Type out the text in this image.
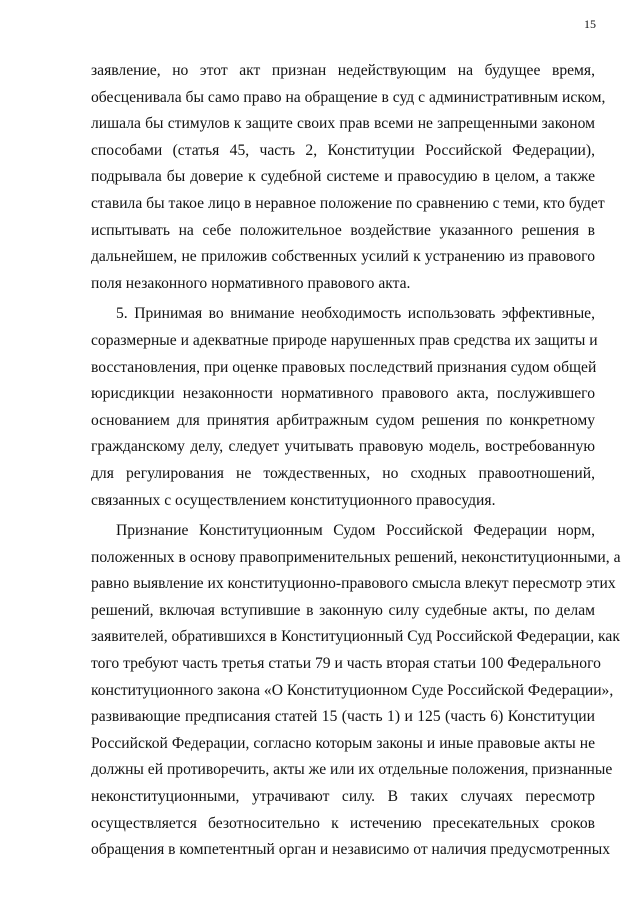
15
заявление, но этот акт признан недействующим на будущее время,
обесценивала бы само право на обращение в суд с административным иском,
лишала бы стимулов к защите своих прав всеми не запрещенными законом
способами (статья 45, часть 2, Конституции Российской Федерации),
подрывала бы доверие к судебной системе и правосудию в целом, а также
ставила бы такое лицо в неравное положение по сравнению с теми, кто будет
испытывать на себе положительное воздействие указанного решения в
дальнейшем, не приложив собственных усилий к устранению из правового
поля незаконного нормативного правового акта.
5. Принимая во внимание необходимость использовать эффективные,
соразмерные и адекватные природе нарушенных прав средства их защиты и
восстановления, при оценке правовых последствий признания судом общей
юрисдикции незаконности нормативного правового акта, послужившего
основанием для принятия арбитражным судом решения по конкретному
гражданскому делу, следует учитывать правовую модель, востребованную
для регулирования не тождественных, но сходных правоотношений,
связанных с осуществлением конституционного правосудия.
Признание Конституционным Судом Российской Федерации норм,
положенных в основу правоприменительных решений, неконституционными, а
равно выявление их конституционно-правового смысла влекут пересмотр этих
решений, включая вступившие в законную силу судебные акты, по делам
заявителей, обратившихся в Конституционный Суд Российской Федерации, как
того требуют часть третья статьи 79 и часть вторая статьи 100 Федерального
конституционного закона «О Конституционном Суде Российской Федерации»,
развивающие предписания статей 15 (часть 1) и 125 (часть 6) Конституции
Российской Федерации, согласно которым законы и иные правовые акты не
должны ей противоречить, акты же или их отдельные положения, признанные
неконституционными, утрачивают силу. В таких случаях пересмотр
осуществляется безотносительно к истечению пресекательных сроков
обращения в компетентный орган и независимо от наличия предусмотренных
